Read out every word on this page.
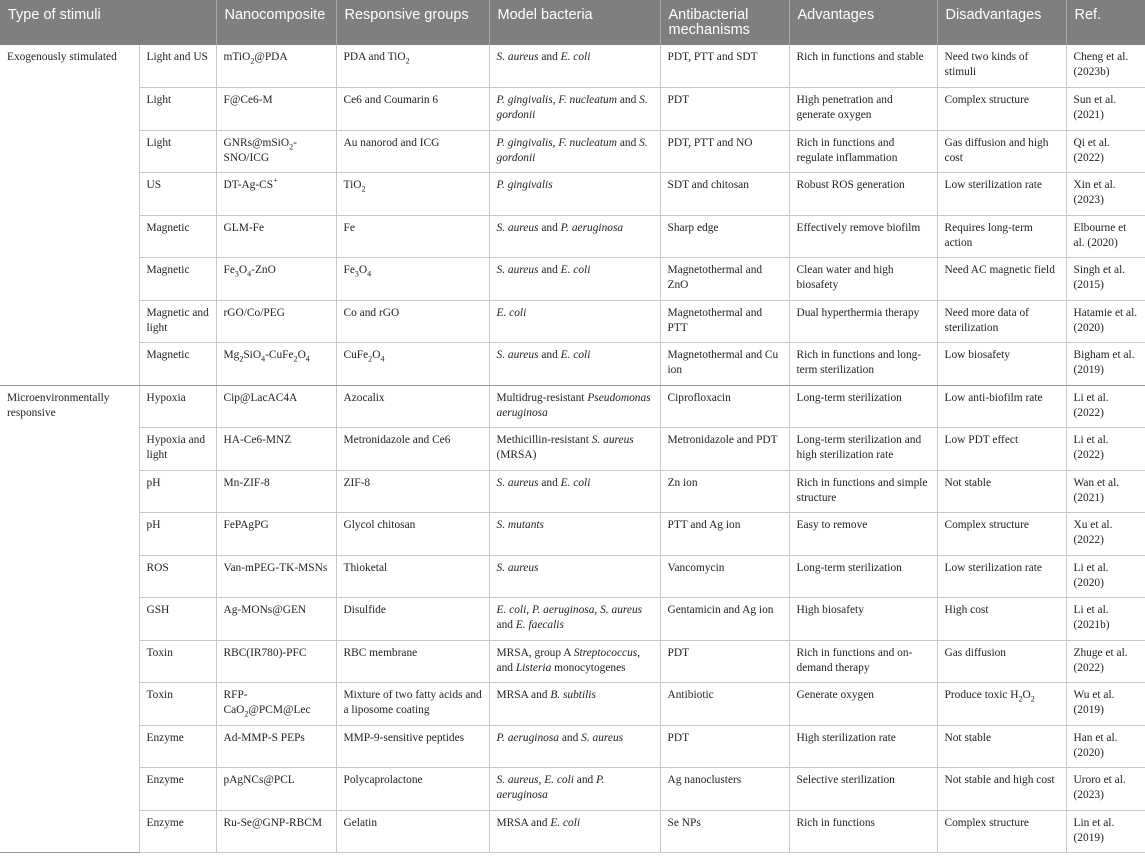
Type of stimuli		Nanocomposite	Responsive groups	Model bacteria	Antibacterial mechanisms	Advantages	Disadvantages	Ref.
Exogenously stimulated	Light and US	mTiO$_2$@PDA	PDA and TiO$_2$	S. aureus and E. coli	PDT, PTT and SDT	Rich in functions and stable	Need two kinds of stimuli	Cheng et al. (2023b)
	Light	F@Ce6-M	Ce6 and Coumarin 6	P. gingivalis, F. nucleatum and S. gordonii	PDT	High penetration and generate oxygen	Complex structure	Sun et al. (2021)
	Light	GNRs@mSiO$_2$-SNO/ICG	Au nanorod and ICG	P. gingivalis, F. nucleatum and S. gordonii	PDT, PTT and NO	Rich in functions and regulate inflammation	Gas diffusion and high cost	Qi et al. (2022)
	US	DT-Ag-CS+	TiO$_2$	P. gingivalis	SDT and chitosan	Robust ROS generation	Low sterilization rate	Xin et al. (2023)
	Magnetic	GLM-Fe	Fe	S. aureus and P. aeruginosa	Sharp edge	Effectively remove biofilm	Requires long-term action	Elbourne et al. (2020)
	Magnetic	$Fe_3O_4$-ZnO	$Fe_3O_4$	S. aureus and E. coli	Magnetothermal and ZnO	Clean water and high biosafety	Need AC magnetic field	Singh et al. (2015)
	Magnetic and light	rGO/Co/PEG	Co and rGO	E. coli	Magnetothermal and PTT	Dual hyperthermia therapy	Need more data of sterilization	Hatamie et al. (2020)
	Magnetic	$Mg_2SiO_4-CuFe_2O_4$	$CuFe_2O_4$	S. aureus and E. coli	Magnetothermal and Cu ion	Rich in functions and long-term sterilization	Low biosafety	Bigham et al. (2019)
Microenvironmentally responsive	Hypoxia	Cip@LacAC4A	Azocalix	Multidrug-resistant Pseudomonas aeruginosa	Ciprofloxacin	Long-term sterilization	Low anti-biofilm rate	Li et al. (2022)
	Hypoxia and light	HA-Ce6-MNZ	Metronidazole and Ce6	Methicillin-resistant S. aureus (MRSA)	Metronidazole and PDT	Long-term sterilization and high sterilization rate	Low PDT effect	Li et al. (2022)
	pH	Mn-ZIF-8	ZIF-8	S. aureus and E. coli	Zn ion	Rich in functions and simple structure	Not stable	Wan et al. (2021)
	pH	FePAgPG	Glycol chitosan	S. mutants	PTT and Ag ion	Easy to remove	Complex structure	Xu et al. (2022)
	ROS	Van-mPEG-TK-MSNs	Thioketal	S. aureus	Vancomycin	Long-term sterilization	Low sterilization rate	Li et al. (2020)
	GSH	Ag-MONs@GEN	Disulfide	E. coli, P. aeruginosa, S. aureus and E. faecalis	Gentamicin and Ag ion	High biosafety	High cost	Li et al. (2021b)
	Toxin	RBC(IR780)-PFC	RBC membrane	MRSA, group A Streptococcus, and Listeria monocytogenes	PDT	Rich in functions and on-demand therapy	Gas diffusion	Zhuge et al. (2022)
	Toxin	RFP-CaO$_2$@PCM@Lec	Mixture of two fatty acids and a liposome coating	MRSA and B. subtilis	Antibiotic	Generate oxygen	Produce toxic $H_2O_2$	Wu et al. (2019)
	Enzyme	Ad-MMP-S PEPs	MMP-9-sensitive peptides	P. aeruginosa and S. aureus	PDT	High sterilization rate	Not stable	Han et al. (2020)
	Enzyme	pAgNCs@PCL	Polycaprolactone	S. aureus, E. coli and P. aeruginosa	Ag nanoclusters	Selective sterilization	Not stable and high cost	Uroro et al. (2023)
	Enzyme	Ru-Se@GNP-RBCM	Gelatin	MRSA and E. coli	Se NPs	Rich in functions	Complex structure	Lin et al. (2019)
